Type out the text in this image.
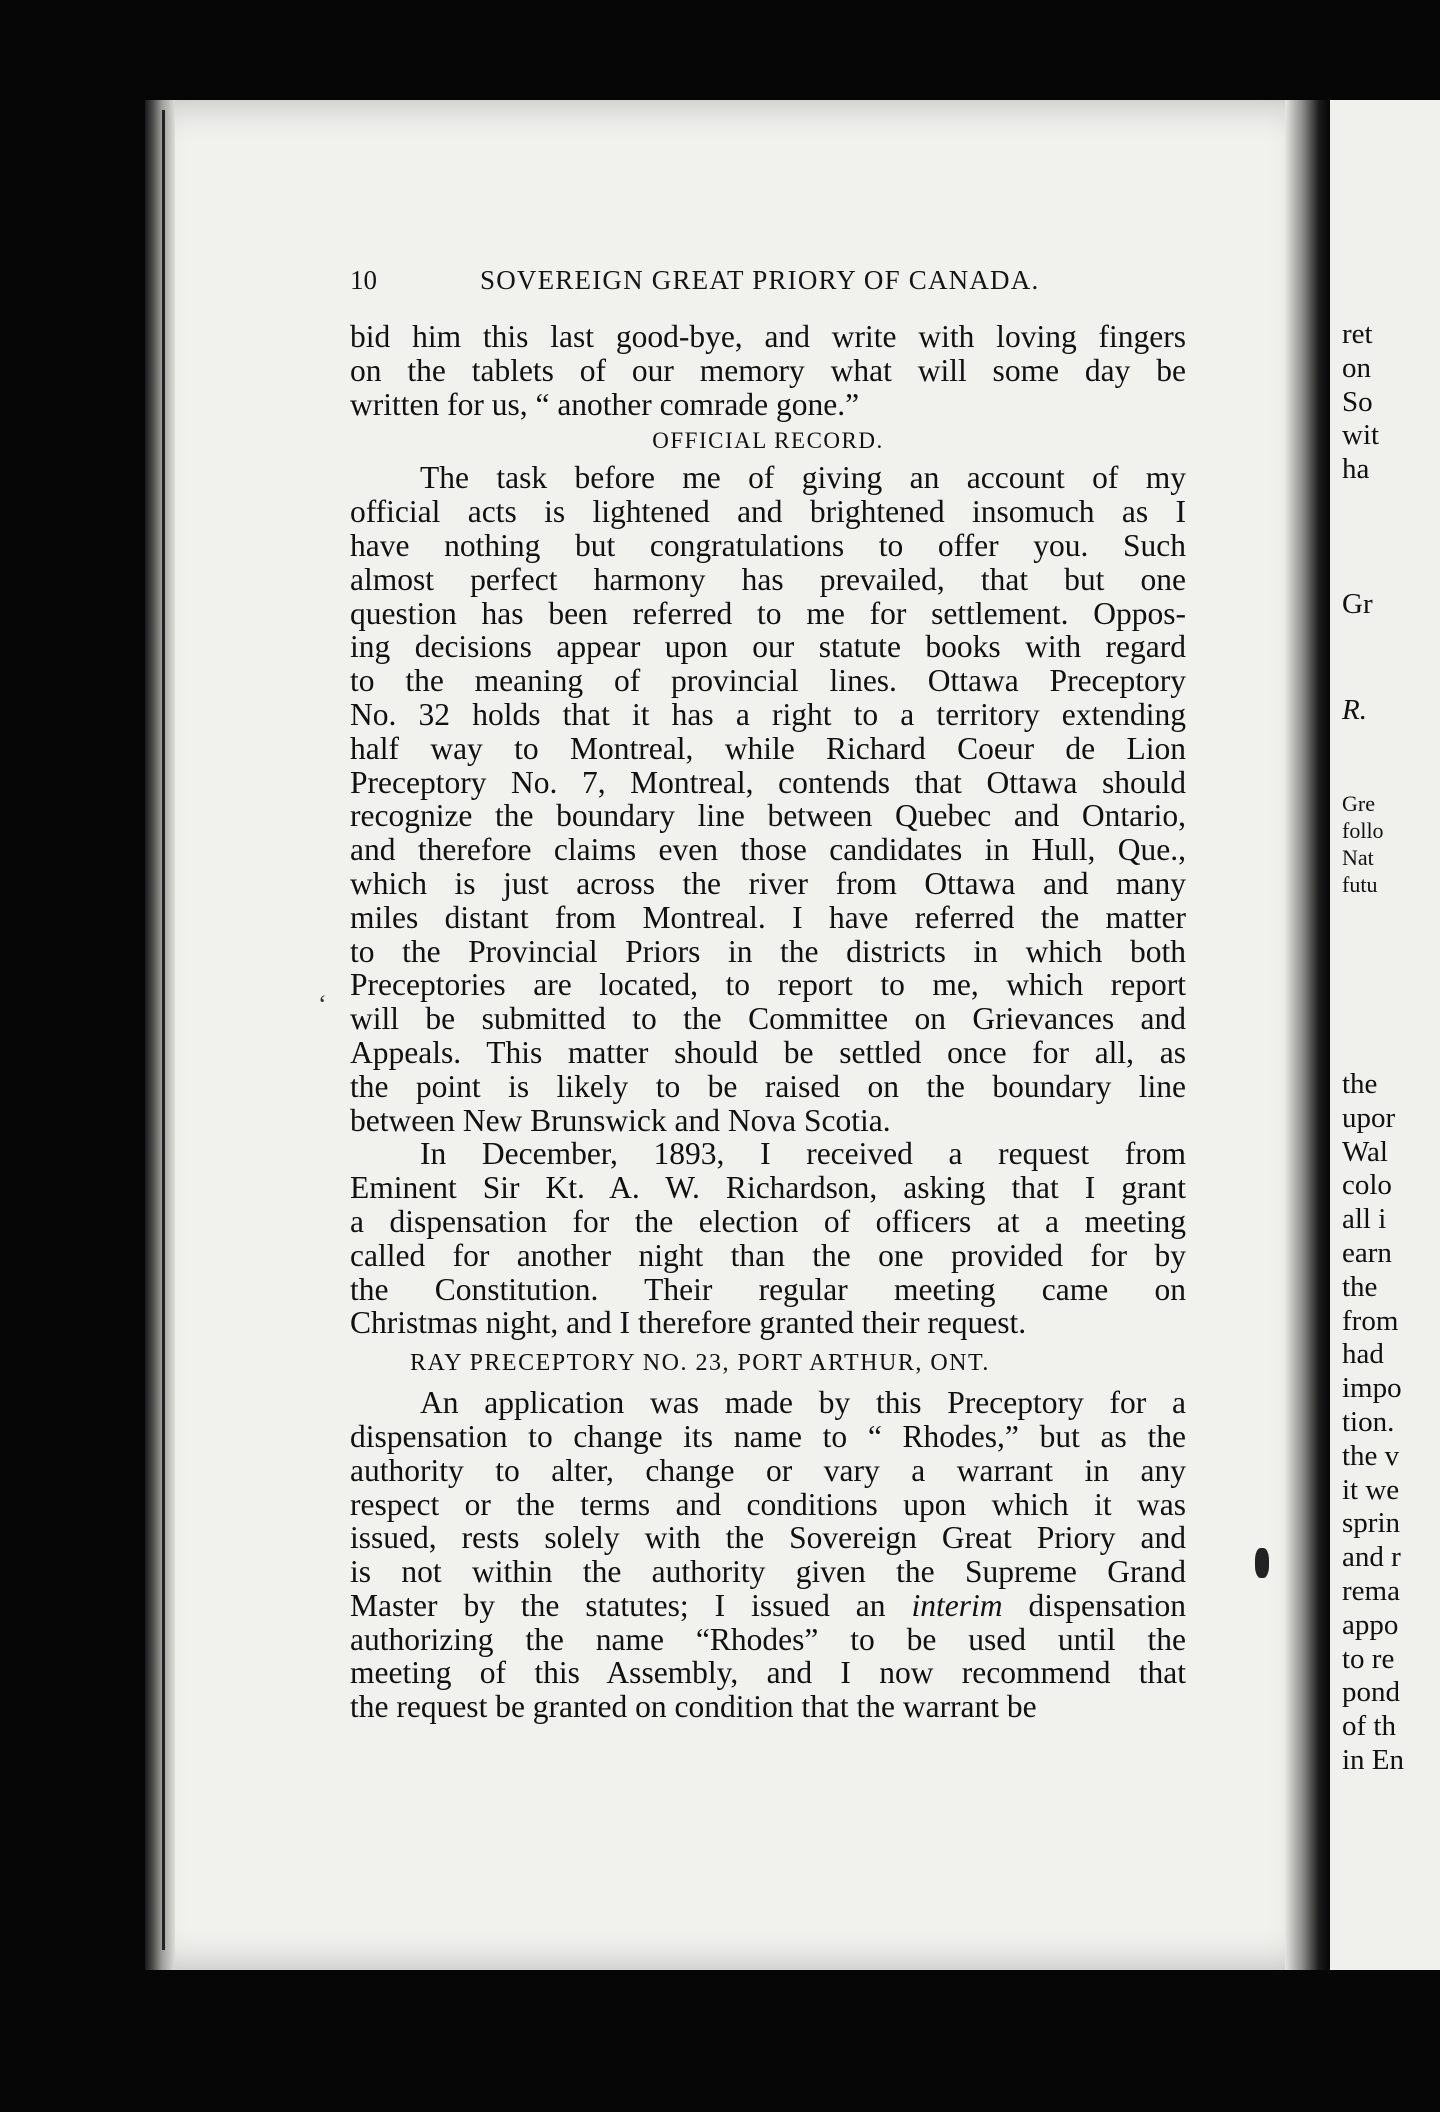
10	SOVEREIGN GREAT PRIORY OF CANADA.
bid him this last good-bye, and write with loving fingers
on the tablets of our memory what will some day be
written for us, “ another comrade gone.”
OFFICIAL RECORD.
The task before me of giving an account of my
official acts is lightened and brightened insomuch as I
have nothing but congratulations to offer you. Such
almost perfect harmony has prevailed, that but one
question has been referred to me for settlement. Oppos-
ing decisions appear upon our statute books with regard
to the meaning of provincial lines. Ottawa Preceptory
No. 32 holds that it has a right to a territory extending
half way to Montreal, while Richard Coeur de Lion
Preceptory No. 7, Montreal, contends that Ottawa should
recognize the boundary line between Quebec and Ontario,
and therefore claims even those candidates in Hull, Que.,
which is just across the river from Ottawa and many
miles distant from Montreal. I have referred the matter
to the Provincial Priors in the districts in which both
Preceptories are located, to report to me, which report
will be submitted to the Committee on Grievances and
Appeals. This matter should be settled once for all, as
the point is likely to be raised on the boundary line
between New Brunswick and Nova Scotia.
In December, 1893, I received a request from
Eminent Sir Kt. A. W. Richardson, asking that I grant
a dispensation for the election of officers at a meeting
called for another night than the one provided for by
the Constitution. Their regular meeting came on
Christmas night, and I therefore granted their request.
RAY PRECEPTORY NO. 23, PORT ARTHUR, ONT.
An application was made by this Preceptory for a
dispensation to change its name to “ Rhodes,” but as the
authority to alter, change or vary a warrant in any
respect or the terms and conditions upon which it was
issued, rests solely with the Sovereign Great Priory and
is not within the authority given the Supreme Grand
Master by the statutes; I issued an interim dispensation
authorizing the name “Rhodes” to be used until the
meeting of this Assembly, and I now recommend that
the request be granted on condition that the warrant be
ret
on
So
wit
ha
Gr
R.
Gre
follo
Nat
futu
the
upor
Wal
colo
all i
earn
the
from
had
impo
tion.
the v
it we
sprin
and r
rema
appo
to re
pond
of th
in En
‘
